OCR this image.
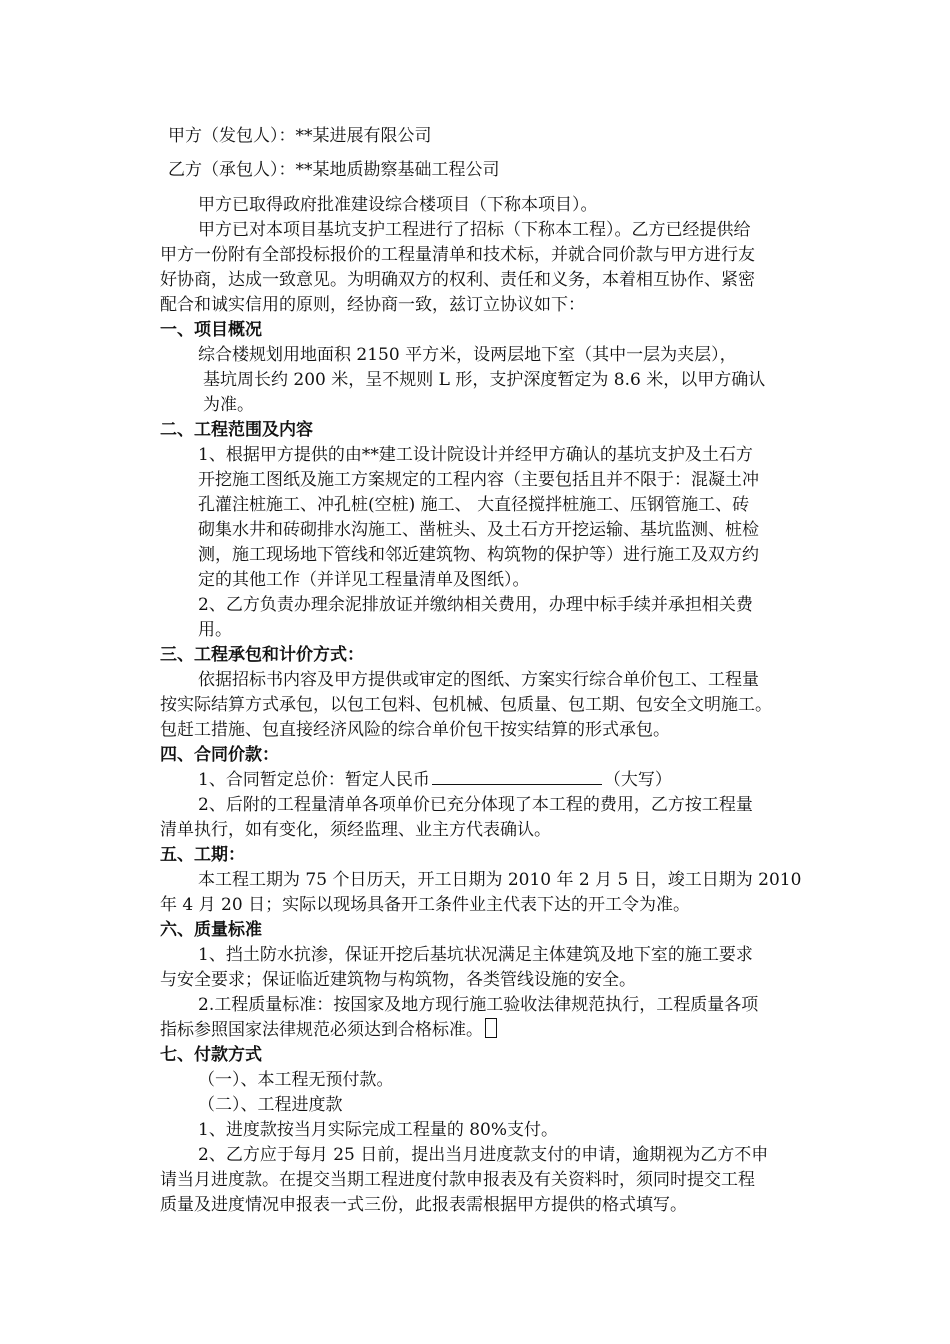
甲方（发包人）：**某进展有限公司
乙方（承包人）：**某地质勘察基础工程公司
甲方已取得政府批准建设综合楼项目（下称本项目）。
甲方已对本项目基坑支护工程进行了招标（下称本工程）。乙方已经提供给
甲方一份附有全部投标报价的工程量清单和技术标，并就合同价款与甲方进行友
好协商，达成一致意见。为明确双方的权利、责任和义务，本着相互协作、紧密
配合和诚实信用的原则，经协商一致，兹订立协议如下：
一、项目概况
综合楼规划用地面积 2150 平方米，设两层地下室（其中一层为夹层），
基坑周长约 200 米，呈不规则 L 形，支护深度暂定为 8.6 米，以甲方确认
为准。
二、工程范围及内容
1、根据甲方提供的由**建工设计院设计并经甲方确认的基坑支护及土石方
开挖施工图纸及施工方案规定的工程内容（主要包括且并不限于：混凝土冲
孔灌注桩施工、冲孔桩(空桩) 施工、 大直径搅拌桩施工、压钢管施工、砖
砌集水井和砖砌排水沟施工、凿桩头、及土石方开挖运输、基坑监测、桩检
测，施工现场地下管线和邻近建筑物、构筑物的保护等）进行施工及双方约
定的其他工作（并详见工程量清单及图纸）。
2、乙方负责办理余泥排放证并缴纳相关费用，办理中标手续并承担相关费
用。
三、工程承包和计价方式：
依据招标书内容及甲方提供或审定的图纸、方案实行综合单价包工、工程量
按实际结算方式承包，以包工包料、包机械、包质量、包工期、包安全文明施工。
包赶工措施、包直接经济风险的综合单价包干按实结算的形式承包。
四、合同价款：
1、合同暂定总价：暂定人民币	（大写）
2、后附的工程量清单各项单价已充分体现了本工程的费用，乙方按工程量
清单执行，如有变化，须经监理、业主方代表确认。
五、工期：
本工程工期为 75 个日历天，开工日期为 2010 年 2 月 5 日，竣工日期为 2010
年 4 月 20 日；实际以现场具备开工条件业主代表下达的开工令为准。
六、质量标准
1、挡土防水抗渗，保证开挖后基坑状况满足主体建筑及地下室的施工要求
与安全要求；保证临近建筑物与构筑物，各类管线设施的安全。
2.工程质量标准：按国家及地方现行施工验收法律规范执行，工程质量各项
指标参照国家法律规范必须达到合格标准。
七、付款方式
（一）、本工程无预付款。
（二）、工程进度款
1、进度款按当月实际完成工程量的 80%支付。
2、乙方应于每月 25 日前，提出当月进度款支付的申请，逾期视为乙方不申
请当月进度款。在提交当期工程进度付款申报表及有关资料时，须同时提交工程
质量及进度情况申报表一式三份，此报表需根据甲方提供的格式填写。
